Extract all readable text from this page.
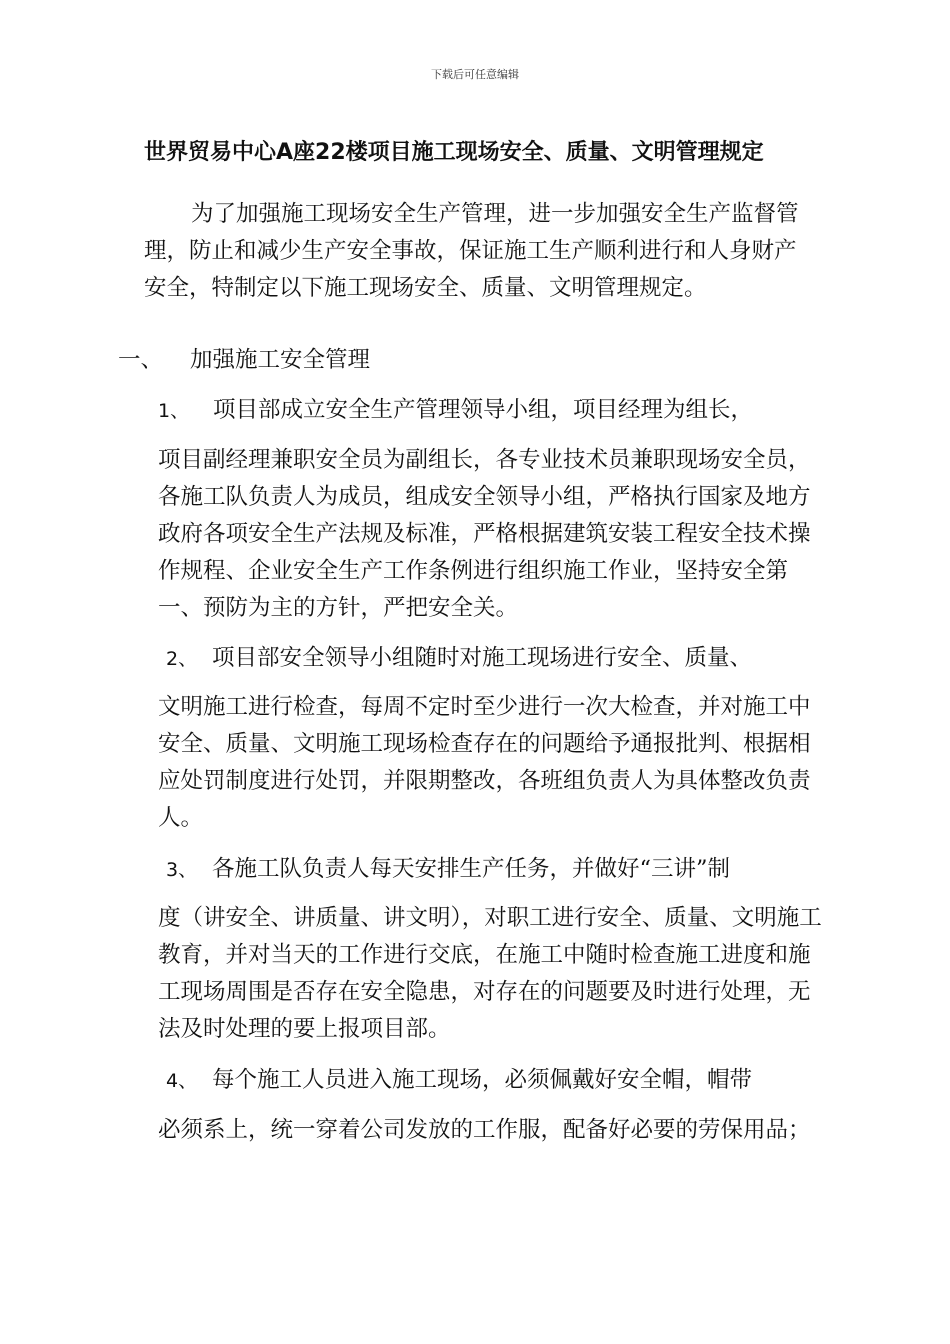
下载后可任意编辑
世界贸易中心A座22楼项目施工现场安全、质量、文明管理规定
为了加强施工现场安全生产管理，进一步加强安全生产监督管理，防止和减少生产安全事故，保证施工生产顺利进行和人身财产安全，特制定以下施工现场安全、质量、文明管理规定。
一、 加强施工安全管理
1、 项目部成立安全生产管理领导小组，项目经理为组长，
项目副经理兼职安全员为副组长，各专业技术员兼职现场安全员，各施工队负责人为成员，组成安全领导小组，严格执行国家及地方政府各项安全生产法规及标准，严格根据建筑安装工程安全技术操作规程、企业安全生产工作条例进行组织施工作业，坚持安全第一、预防为主的方针，严把安全关。
2、 项目部安全领导小组随时对施工现场进行安全、质量、
文明施工进行检查，每周不定时至少进行一次大检查，并对施工中安全、质量、文明施工现场检查存在的问题给予通报批判、根据相应处罚制度进行处罚，并限期整改，各班组负责人为具体整改负责人。
3、 各施工队负责人每天安排生产任务，并做好“三讲”制
度（讲安全、讲质量、讲文明），对职工进行安全、质量、文明施工教育，并对当天的工作进行交底，在施工中随时检查施工进度和施工现场周围是否存在安全隐患，对存在的问题要及时进行处理，无法及时处理的要上报项目部。
4、 每个施工人员进入施工现场，必须佩戴好安全帽，帽带
必须系上，统一穿着公司发放的工作服，配备好必要的劳保用品；
